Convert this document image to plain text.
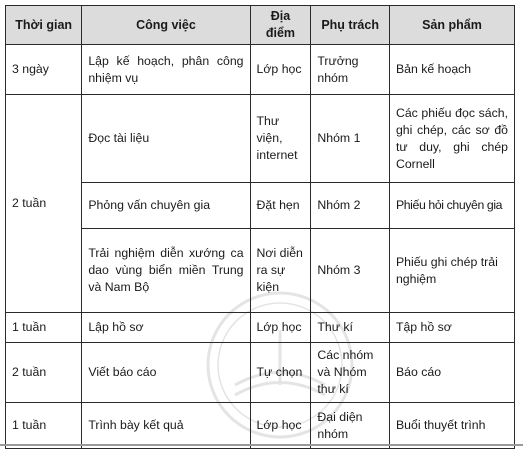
Thời gian	Công việc	Địa điểm	Phụ trách	Sản phẩm
3 ngày	Lập kế hoạch, phân công nhiệm vụ	Lớp học	Trưởng nhóm	Bản kế hoạch
2 tuần	Đọc tài liệu	Thư viện, internet	Nhóm 1	Các phiếu đọc sách, ghi chép, các sơ đồ tư duy, ghi chép Cornell
	Phỏng vấn chuyên gia	Đặt hẹn	Nhóm 2	Phiếu hỏi chuyên gia
	Trải nghiệm diễn xướng ca dao vùng biển miền Trung và Nam Bộ	Nơi diễn ra sự kiện	Nhóm 3	Phiếu ghi chép trải nghiệm
1 tuần	Lập hồ sơ	Lớp học	Thư kí	Tập hồ sơ
2 tuần	Viết báo cáo	Tự chọn	Các nhóm và Nhóm thư kí	Báo cáo
1 tuần	Trình bày kết quả	Lớp học	Đại diện nhóm	Buổi thuyết trình
